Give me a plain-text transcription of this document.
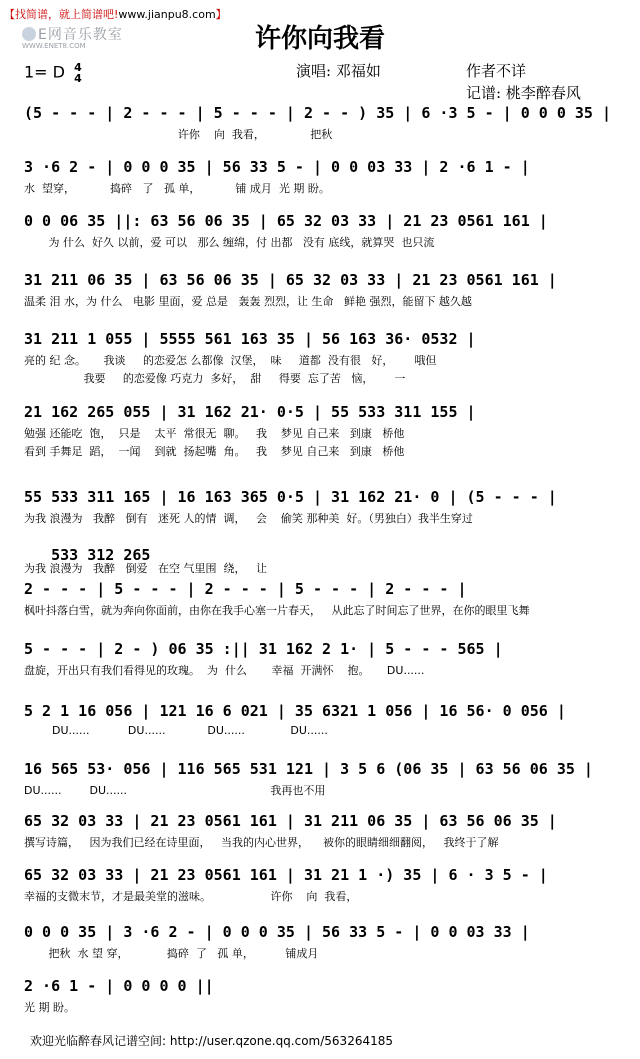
【找简谱，就上简谱吧!www.jianpu8.com】
E网音乐教室
WWW.ENET8.COM	许你向我看
1= D 4
4	演唱: 邓福如	作者不详
记谱: 桃李醉春风
(5 - - - | 2 - - - | 5 - - - | 2 - - ) 35 | 6 ·3 5 - | 0 0 0 35 |
许你    向  我看，             把秋
3 ·6 2 - | 0 0 0 35 | 56 33 5 - | 0 0 03 33 | 2 ·6 1 - |
水  望穿，          捣碎   了   孤 单，          铺 成月  光 期 盼。
0 0 06 35 ||: 63 56 06 35 | 65 32 03 33 | 21 23 0561 161 |
为 什么  好久 以前，爱 可以   那么 缠绵，付 出都   没有 底线，就算哭  也只流
31 211 06 35 | 63 56 06 35 | 65 32 03 33 | 21 23 0561 161 |
温柔 泪 水，为 什么   电影 里面，爱 总是   轰轰 烈烈，让 生命   鲜艳 强烈，能留下 越久越
31 211 1 055 | 5555 561 163 35 | 56 163 36· 0532 |
亮的 纪 念。     我谈     的恋爱怎 么都像  汉堡，  味     道都  没有很   好，      哦但
我要     的恋爱像 巧克力  多好，  甜     得要  忘了苦   恼，      一
21 162 265 055 | 31 162 21· 0·5 | 55 533 311 155 |
勉强 还能吃  饱，  只是    太平  常很无  聊。   我    梦见 自己来   到康   桥他
看到 手舞足  蹈，  一闻    到就  扬起嘴  角。   我    梦见 自己来   到康   桥他
55 533 311 165 | 16 163 365 0·5 | 31 162 21· 0 | (5 - - - |
533 312 265
为我 浪漫为   我醉   倒有   迷死 人的情  调，   会    偷笑 那种美  好。（男独白）我半生穿过
为我 浪漫为   我醉   倒爱   在空 气里围  绕，   让
2 - - - | 5 - - - | 2 - - - | 5 - - - | 2 - - - |
枫叶抖落白雪，就为奔向你面前，由你在我手心塞一片春天，   从此忘了时间忘了世界，在你的眼里飞舞
5 - - - | 2 - ) 06 35 :|| 31 162 2 1· | 5 - - - 565 |
盘旋，开出只有我们看得见的玫瑰。  为  什么       幸福  开满怀    抱。     DU......
5 2 1 16 056 | 121 16 6 021 | 35 6321 1 056 | 16 56· 0 056 |
DU......           DU......            DU......             DU......
16 565 53· 056 | 116 565 531 121 | 3 5 6 (06 35 | 63 56 06 35 |
DU......        DU......                                         我再也不用
65 32 03 33 | 21 23 0561 161 | 31 211 06 35 | 63 56 06 35 |
撰写诗篇，   因为我们已经在诗里面，   当我的内心世界，    被你的眼睛细细翻阅，   我终于了解
65 32 03 33 | 21 23 0561 161 | 31 21 1 ·) 35 | 6 · 3 5 - |
幸福的支微末节，才是最美堂的滋味。                 许你    向  我看，
0 0 0 35 | 3 ·6 2 - | 0 0 0 35 | 56 33 5 - | 0 0 03 33 |
把秋  水 望 穿，           捣碎  了   孤 单，         铺成月
2 ·6 1 - | 0 0 0 0 ||
光 期 盼。
欢迎光临醉春风记谱空间: http://user.qzone.qq.com/563264185
